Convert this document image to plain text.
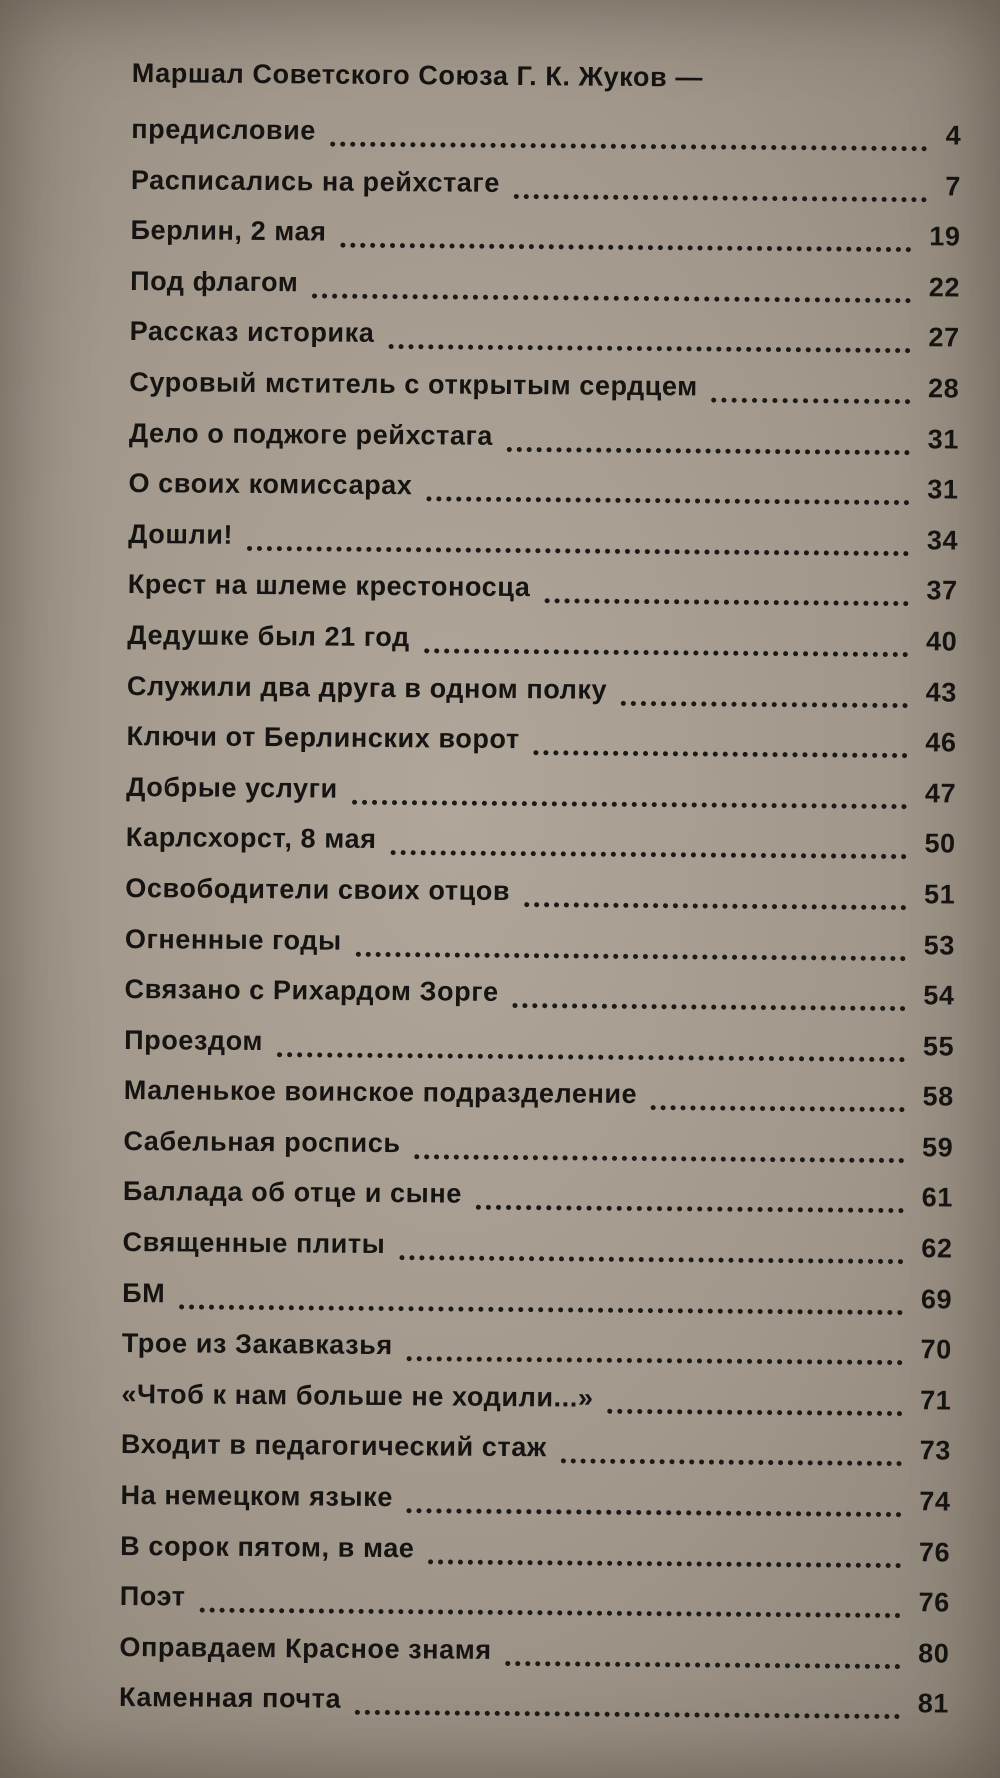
Маршал Советского Союза Г. К. Жуков —
предисловие	4
Расписались на рейхстаге	7
Берлин, 2 мая	19
Под флагом	22
Рассказ историка	27
Суровый мститель с открытым сердцем	28
Дело о поджоге рейхстага	31
О своих комиссарах	31
Дошли!	34
Крест на шлеме крестоносца	37
Дедушке был 21 год	40
Служили два друга в одном полку	43
Ключи от Берлинских ворот	46
Добрые услуги	47
Карлсхорст, 8 мая	50
Освободители своих отцов	51
Огненные годы	53
Связано с Рихардом Зорге	54
Проездом	55
Маленькое воинское подразделение	58
Сабельная роспись	59
Баллада об отце и сыне	61
Священные плиты	62
БМ	69
Трое из Закавказья	70
«Чтоб к нам больше не ходили...»	71
Входит в педагогический стаж	73
На немецком языке	74
В сорок пятом, в мае	76
Поэт	76
Оправдаем Красное знамя	80
Каменная почта	81
